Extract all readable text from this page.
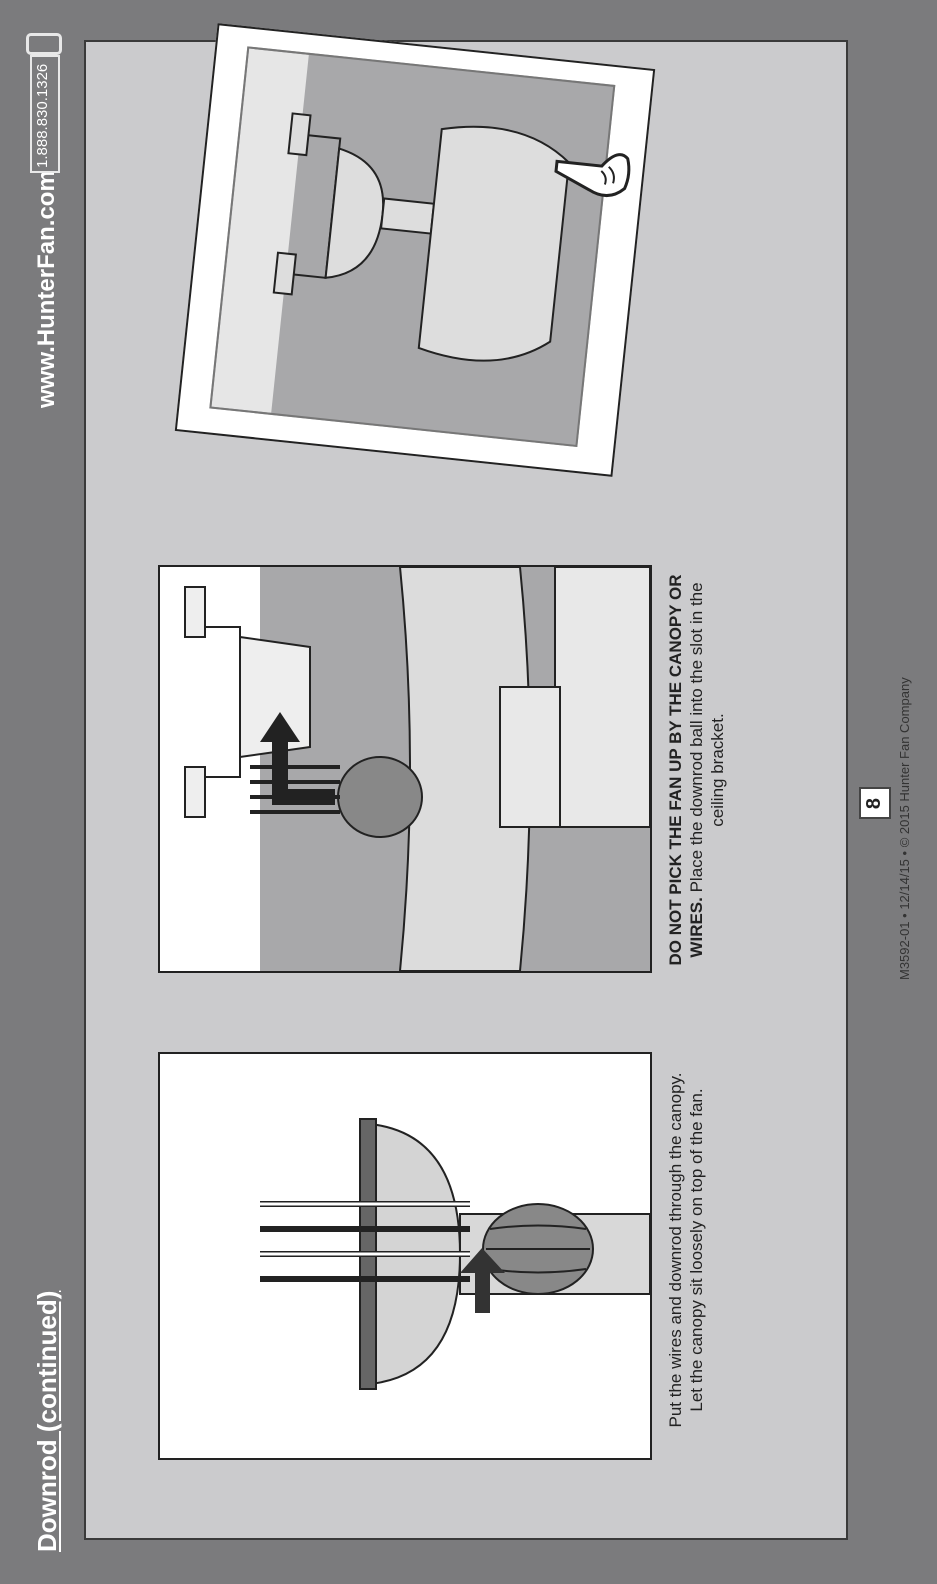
Downrod (continued)
www.HunterFan.com
1.888.830.1326
Put the wires and downrod through the canopy. Let the canopy sit loosely on top of the fan.
DO NOT PICK THE FAN UP BY THE CANOPY OR WIRES. Place the downrod ball into the slot in the ceiling bracket.	8 M3592-01 • 12/14/15 • © 2015 Hunter Fan Company
